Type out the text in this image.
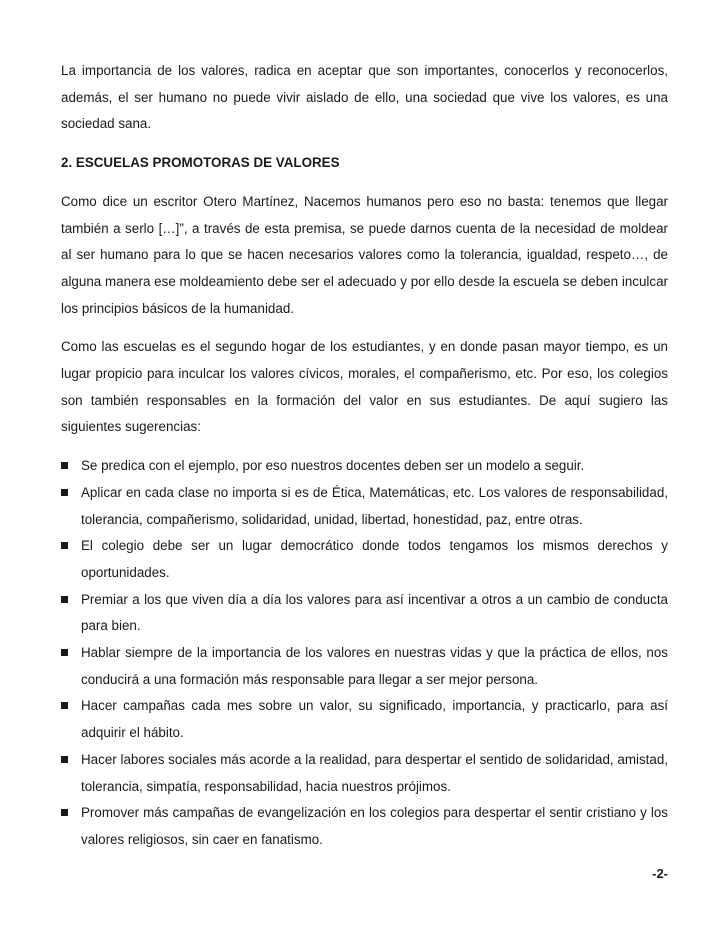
La importancia de los valores, radica en aceptar que son importantes, conocerlos y reconocerlos, además, el ser humano no puede vivir aislado de ello, una sociedad que vive los valores, es una sociedad sana.

2. ESCUELAS PROMOTORAS DE VALORES

Como dice un escritor Otero Martínez, Nacemos humanos pero eso no basta: tenemos que llegar también a serlo […]”, a través de esta premisa, se puede darnos cuenta de la necesidad de moldear al ser humano para lo que se hacen necesarios valores como la tolerancia, igualdad, respeto…, de alguna manera ese moldeamiento debe ser el adecuado y por ello desde la escuela se deben inculcar los principios básicos de la humanidad.

Como las escuelas es el segundo hogar de los estudiantes, y en donde pasan mayor tiempo, es un lugar propicio para inculcar los valores cívicos, morales, el compañerismo, etc. Por eso, los colegios son también responsables en la formación del valor en sus estudiantes. De aquí sugiero las siguientes sugerencias:

Se predica con el ejemplo, por eso nuestros docentes deben ser un modelo a seguir.
Aplicar en cada clase no importa si es de Ética, Matemáticas, etc. Los valores de responsabilidad, tolerancia, compañerismo, solidaridad, unidad, libertad, honestidad, paz, entre otras.
El colegio debe ser un lugar democrático donde todos tengamos los mismos derechos y oportunidades.
Premiar a los que viven día a día los valores para así incentivar a otros a un cambio de conducta para bien.
Hablar siempre de la importancia de los valores en nuestras vidas y que la práctica de ellos, nos conducirá a una formación más responsable para llegar a ser mejor persona.
Hacer campañas cada mes sobre un valor, su significado, importancia, y practicarlo, para así adquirir el hábito.
Hacer labores sociales más acorde a la realidad, para despertar el sentido de solidaridad, amistad, tolerancia, simpatía, responsabilidad, hacia nuestros prójimos.
Promover más campañas de evangelización en los colegios para despertar el sentir cristiano y los valores religiosos, sin caer en fanatismo.
-2-
